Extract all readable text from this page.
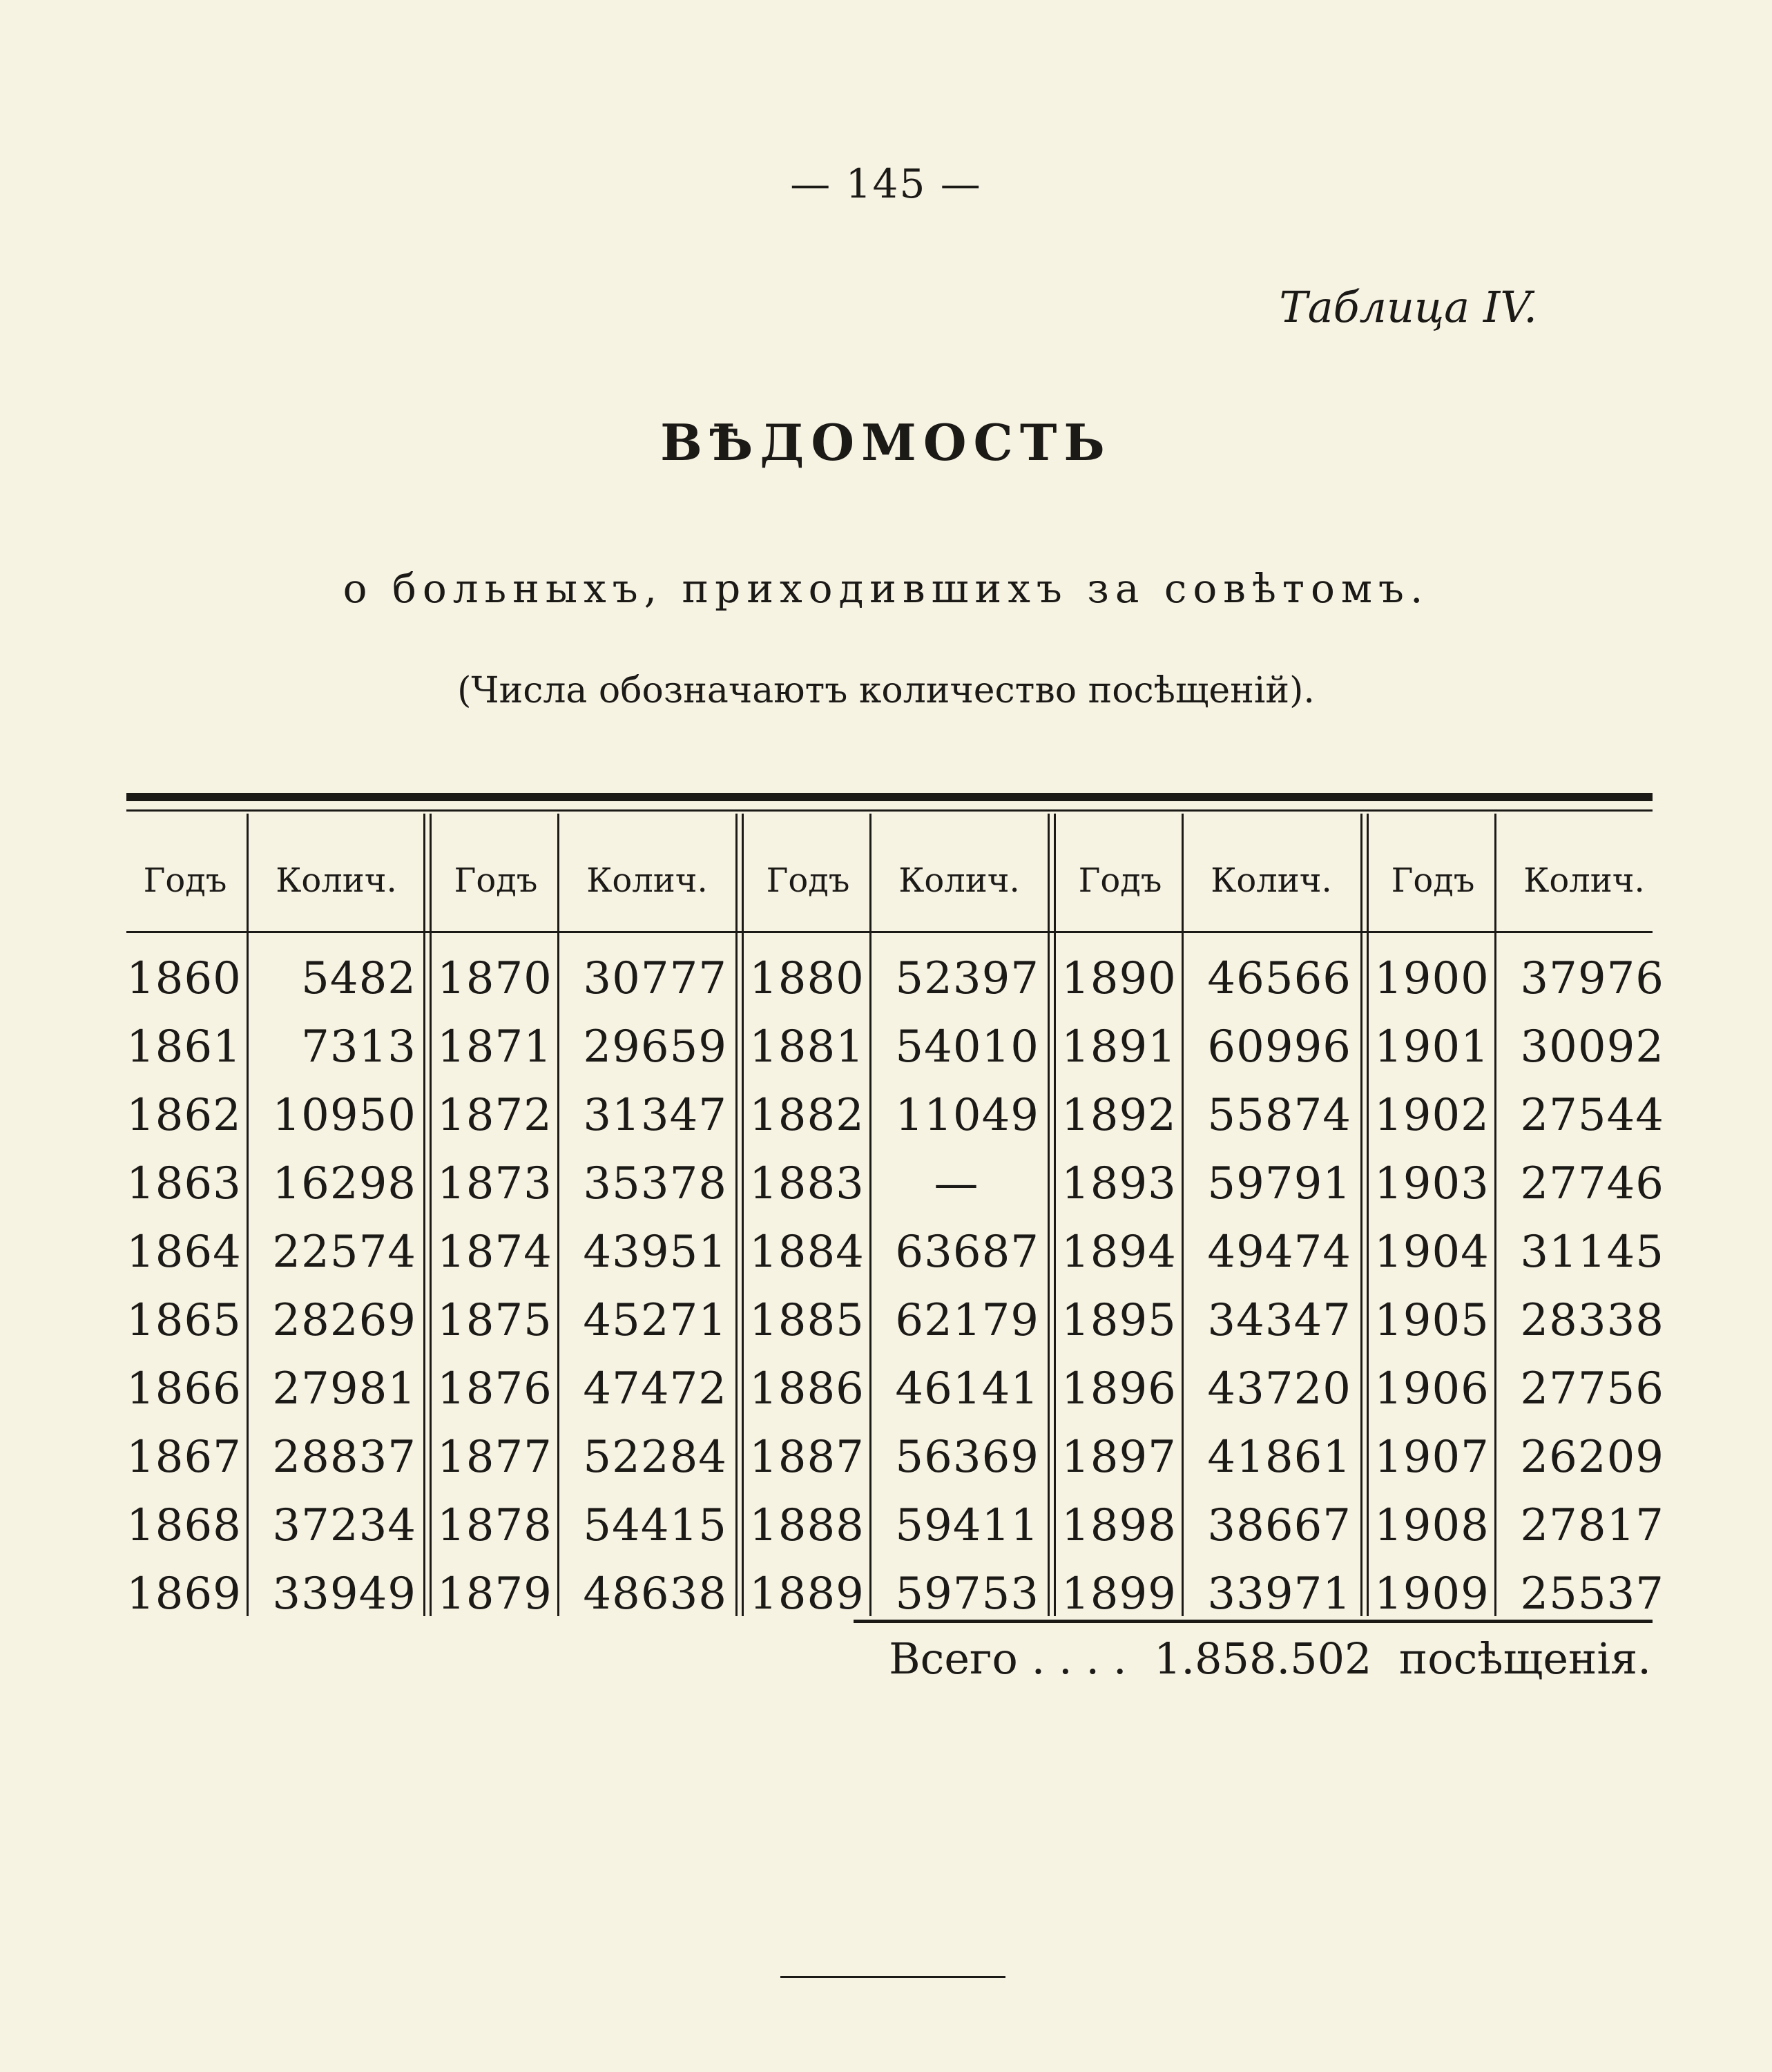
— 145 —
Таблица IV.
ВѢДОМОСТЬ
о больныхъ, приходившихъ за совѣтомъ.
(Числа обозначаютъ количество посѣщеній).
Годъ	Колич.
1860	5482
1861	7313
1862 10950
1863 16298
1864 22574
1865 28269
1866 27981
1867 28837
1868 37234
1869 33949
Годъ	Колич.
1870 30777
1871 29659
1872 31347
1873 35378
1874 43951
1875 45271
1876 47472
1877 52284
1878 54415
1879 48638
Годъ	Колич.
1880 52397
1881 54010
1882 11049
1883	—
1884 63687
1885 62179
1886 46141
1887 56369
1888 59411
1889 59753
Годъ	Колич.
1890 46566
1891 60996
1892 55874
1893 59791
1894 49474
1895 34347
1896 43720
1897 41861
1898 38667
1899 33971
Годъ	Колич.
1900 37976
1901 30092
1902 27544
1903 27746
1904 31145
1905 28338
1906 27756
1907 26209
1908 27817
1909 25537
Всего . . . . 1.858.502 посѣщенія.
